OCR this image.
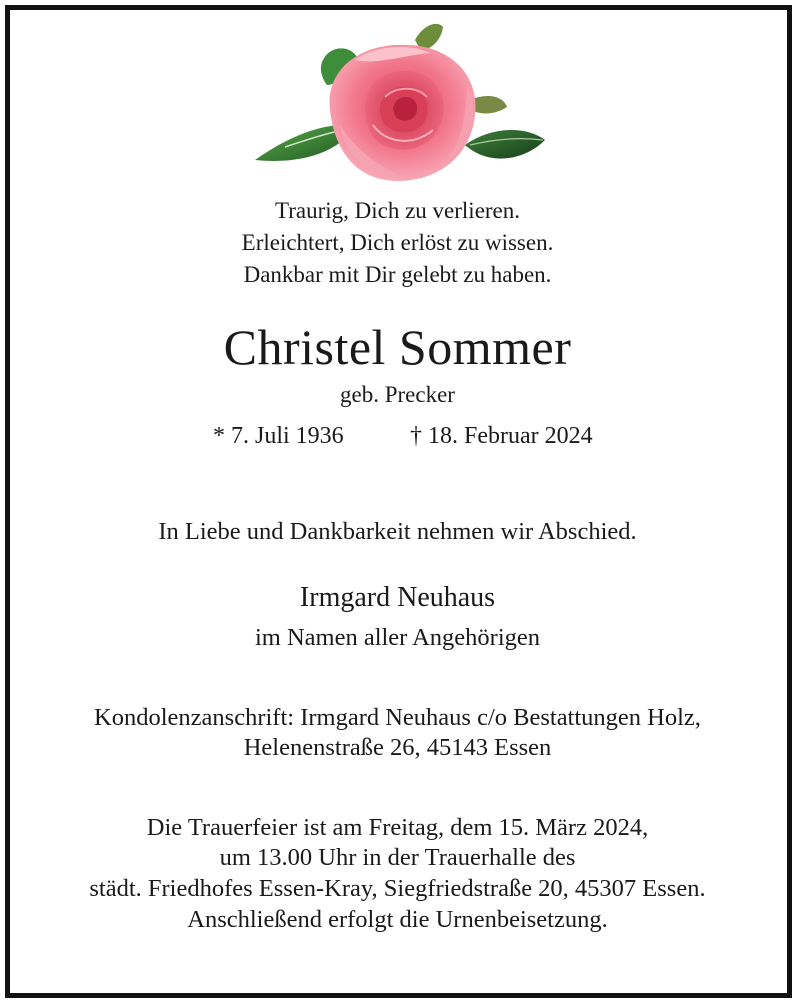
Traurig, Dich zu verlieren.
Erleichtert, Dich erlöst zu wissen.
Dankbar mit Dir gelebt zu haben.
Christel Sommer
geb. Precker
* 7. Juli 1936	† 18. Februar 2024
In Liebe und Dankbarkeit nehmen wir Abschied.
Irmgard Neuhaus
im Namen aller Angehörigen
Kondolenzanschrift: Irmgard Neuhaus c/o Bestattungen Holz,
Helenenstraße 26, 45143 Essen
Die Trauerfeier ist am Freitag, dem 15. März 2024,
um 13.00 Uhr in der Trauerhalle des
städt. Friedhofes Essen-Kray, Siegfriedstraße 20, 45307 Essen.
Anschließend erfolgt die Urnenbeisetzung.
